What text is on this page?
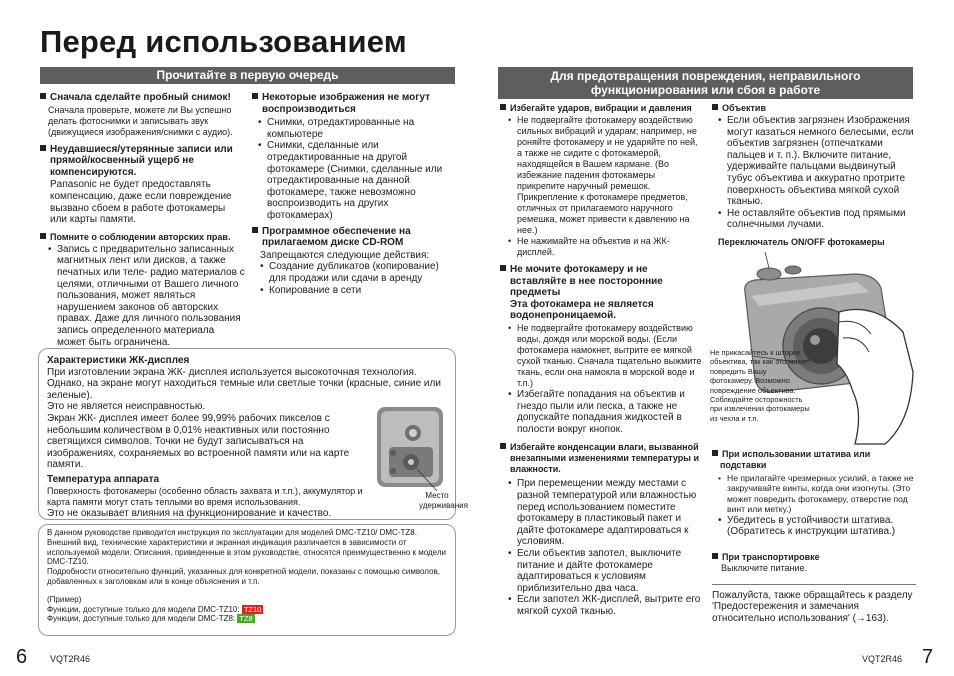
Перед использованием
Прочитайте в первую очередь
Сначала сделайте пробный снимок!
Сначала проверьте, можете ли Вы успешно делать фотоснимки и записывать звук (движущиеся изображения/снимки с аудио).
Неудавшиеся/утерянные записи или прямой/косвенный ущерб не компенсируются.
Panasonic не будет предоставлять компенсацию, даже если повреждение вызвано сбоем в работе фотокамеры или карты памяти.
Помните о соблюдении авторских прав.
• Запись с предварительно записанных магнитных лент или дисков, а также печатных или теле- радио материалов с целями, отличными от Вашего личного пользования, может являться нарушением законов об авторских правах. Даже для личного пользования запись определенного материала может быть ограничена.
Некоторые изображения не могут воспроизводиться
• Снимки, отредактированные на компьютере
• Снимки, сделанные или отредактированные на другой фотокамере (Снимки, сделанные или отредактированные на данной фотокамере, также невозможно воспроизводить на других фотокамерах)
Программное обеспечение на прилагаемом диске CD-ROM
Запрещаются следующие действия:
• Создание дубликатов (копирование) для продажи или сдачи в аренду
• Копирование в сети
Характеристики ЖК-дисплея
При изготовлении экрана ЖК- дисплея используется высокоточная технология. Однако, на экране могут находиться темные или светлые точки (красные, синие или зеленые).
Это не является неисправностью.
Экран ЖК- дисплея имеет более 99,99% рабочих пикселов с небольшим количеством в 0,01% неактивных или постоянно светящихся символов. Точки не будут записываться на изображениях, сохраняемых во встроенной памяти или на карте памяти.
Температура аппарата
Поверхность фотокамеры (особенно область захвата и т.п.), аккумулятор и карта памяти могут стать теплыми во время использования.
Это не оказывает влияния на функционирование и качество.
Место удерживания
В данном руководстве приводится инструкция по эксплуатации для моделей DMC-TZ10/ DMC-TZ8.
Внешний вид, технические характеристики и экранная индикация различается в зависимости от используемой модели. Описания, приведенные в этом руководстве, относятся преимущественно к модели DMC-TZ10.
Подробности относительно функций, указанных для конкретной модели, показаны с помощью символов, добавленных к заголовкам или в конце объяснения и т.п.
(Пример)
Функции, доступные только для модели DMC-TZ10: TZ10
Функции, доступные только для модели DMC-TZ8: TZ8
6	VQT2R46
Для предотвращения повреждения, неправильного
функционирования или сбоя в работе
Избегайте ударов, вибрации и давления
• Не подвергайте фотокамеру воздействию сильных вибраций и ударам; например, не роняйте фотокамеру и не ударяйте по ней, а также не сидите с фотокамерой, находящейся в Вашем кармане. (Во избежание падения фотокамеры прикрепите наручный ремешок. Прикрепление к фотокамере предметов, отличных от прилагаемого наручного ремешка, может привести к давлению на нее.)
• Не нажимайте на объектив и на ЖК-дисплей.
Не мочите фотокамеру и не вставляйте в нее посторонние предметы
Эта фотокамера не является водонепроницаемой.
• Не подвергайте фотокамеру воздействию воды, дождя или морской воды. (Если фотокамера намокнет, вытрите ее мягкой сухой тканью. Сначала тщательно выжмите ткань, если она намокла в морской воде и т.п.)
• Избегайте попадания на объектив и гнездо пыли или песка, а также не допускайте попадания жидкостей в полости вокруг кнопок.
Избегайте конденсации влаги, вызванной внезапными изменениями температуры и влажности.
• При перемещении между местами с разной температурой или влажностью перед использованием поместите фотокамеру в пластиковый пакет и дайте фотокамере адаптироваться к условиям.
• Если объектив запотел, выключите питание и дайте фотокамере адаптироваться к условиям приблизительно два часа.
• Если запотел ЖК-дисплей, вытрите его мягкой сухой тканью.
Объектив
• Если объектив загрязнен Изображения могут казаться немного белесыми, если объектив загрязнен (отпечатками пальцев и т. п.). Включите питание, удерживайте пальцами выдвинутый тубус объектива и аккуратно протрите поверхность объектива мягкой сухой тканью.
• Не оставляйте объектив под прямыми солнечными лучами.
Переключатель ON/OFF фотокамеры
Не прикасайтесь к шторке объектива, так как это может повредить Вашу фотокамеру. Возможно повреждение объектива. Соблюдайте осторожность при извлечении фотокамеры из чехла и т.п.
При использовании штатива или подставки
• Не прилагайте чрезмерных усилий, а также не закручивайте винты, когда они изогнуты. (Это может повредить фотокамеру, отверстие под винт или метку.)
• Убедитесь в устойчивости штатива. (Обратитесь к инструкции штатива.)
При транспортировке
Выключите питание.
Пожалуйста, также обращайтесь к разделу 'Предостережения и замечания относительно использования' (→163).
VQT2R46 7
